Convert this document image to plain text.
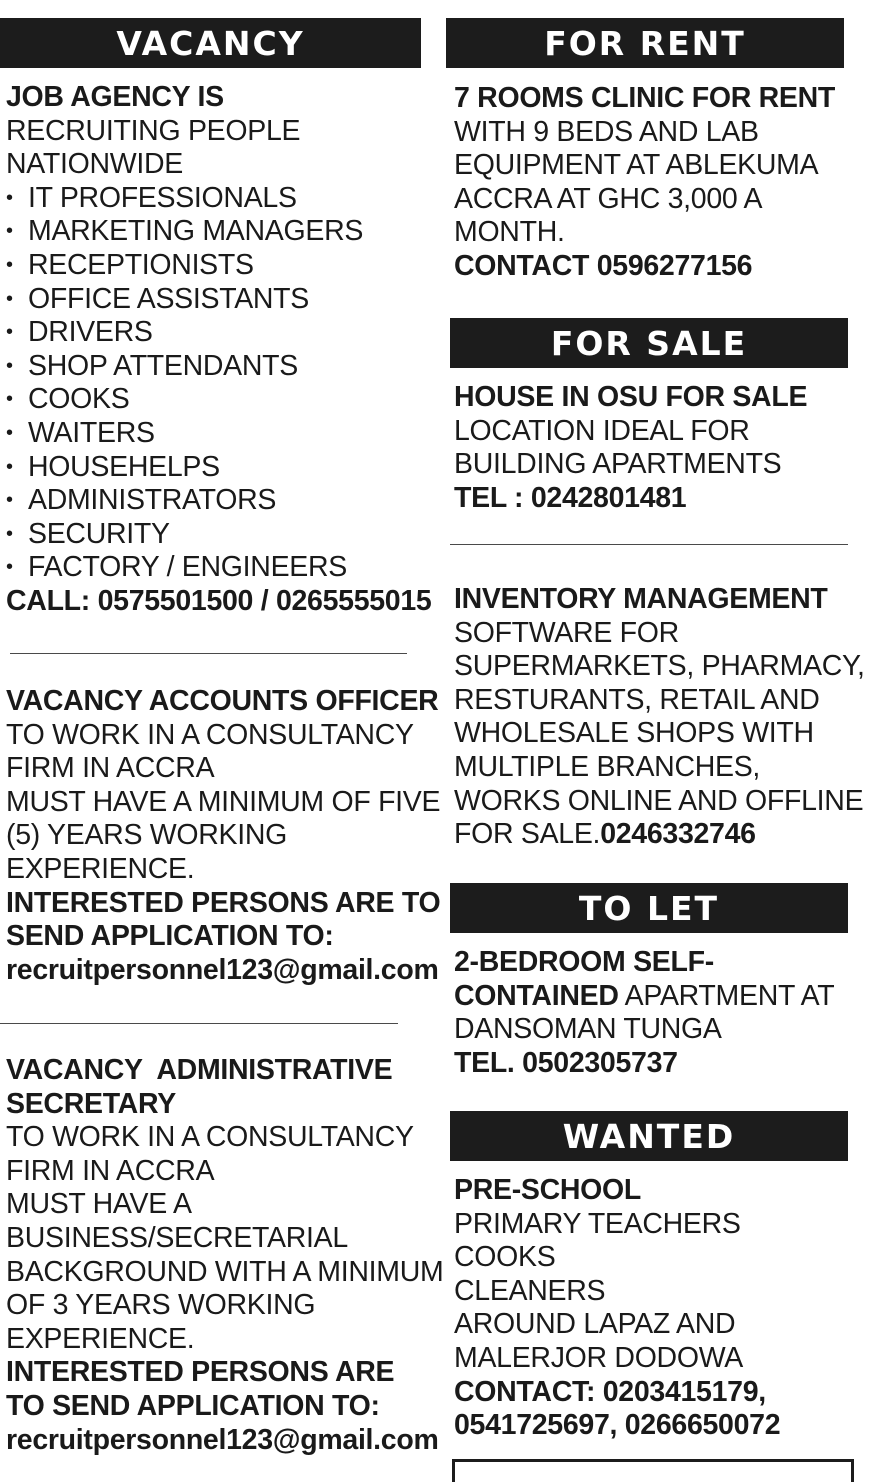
VACANCY
JOB AGENCY IS
RECRUITING PEOPLE
NATIONWIDE
• IT PROFESSIONALS
• MARKETING MANAGERS
• RECEPTIONISTS
• OFFICE ASSISTANTS
• DRIVERS
• SHOP ATTENDANTS
• COOKS
• WAITERS
• HOUSEHELPS
• ADMINISTRATORS
• SECURITY
• FACTORY / ENGINEERS
CALL: 0575501500 / 0265555015
VACANCY ACCOUNTS OFFICER
TO WORK IN A CONSULTANCY
FIRM IN ACCRA
MUST HAVE A MINIMUM OF FIVE
(5) YEARS WORKING
EXPERIENCE.
INTERESTED PERSONS ARE TO
SEND APPLICATION TO:
recruitpersonnel123@gmail.com
VACANCY  ADMINISTRATIVE
SECRETARY
TO WORK IN A CONSULTANCY
FIRM IN ACCRA
MUST HAVE A
BUSINESS/SECRETARIAL
BACKGROUND WITH A MINIMUM
OF 3 YEARS WORKING
EXPERIENCE.
INTERESTED PERSONS ARE
TO SEND APPLICATION TO:
recruitpersonnel123@gmail.com
FOR RENT
7 ROOMS CLINIC FOR RENT
WITH 9 BEDS AND LAB
EQUIPMENT AT ABLEKUMA
ACCRA AT GHC 3,000 A
MONTH.
CONTACT 0596277156
FOR SALE
HOUSE IN OSU FOR SALE
LOCATION IDEAL FOR
BUILDING APARTMENTS
TEL : 0242801481
INVENTORY MANAGEMENT
SOFTWARE FOR
SUPERMARKETS, PHARMACY,
RESTURANTS, RETAIL AND
WHOLESALE SHOPS WITH
MULTIPLE BRANCHES,
WORKS ONLINE AND OFFLINE
FOR SALE.0246332746
TO LET
2-BEDROOM SELF-
CONTAINED APARTMENT AT
DANSOMAN TUNGA
TEL. 0502305737
WANTED
PRE-SCHOOL
PRIMARY TEACHERS
COOKS
CLEANERS
AROUND LAPAZ AND
MALERJOR DODOWA
CONTACT: 0203415179,
0541725697, 0266650072
